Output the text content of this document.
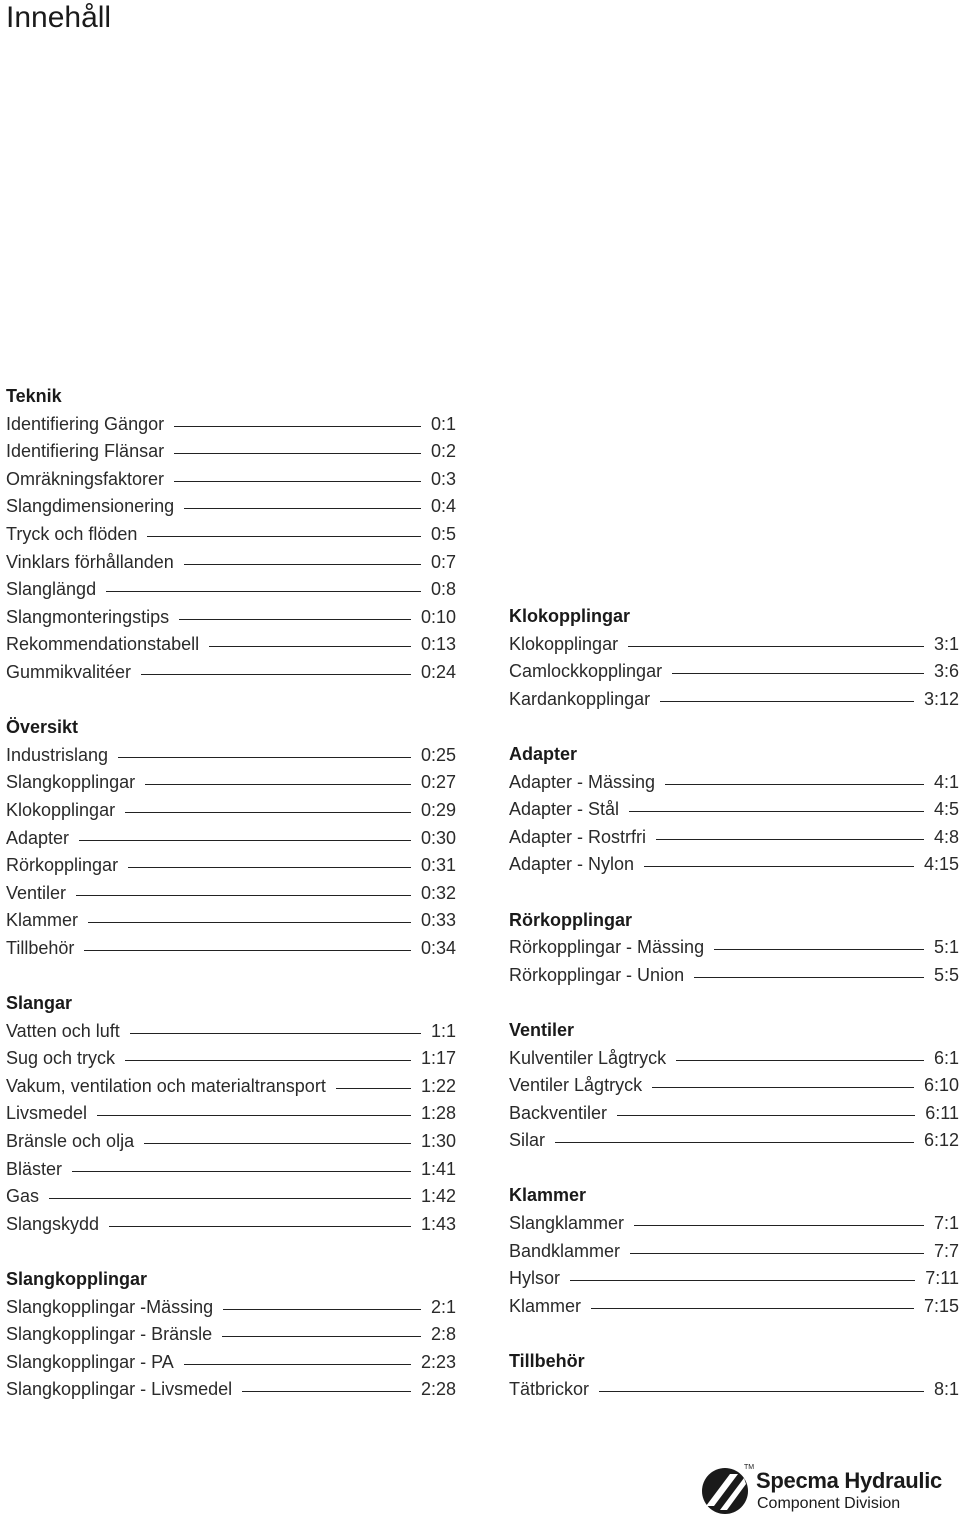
Innehåll
Teknik
Identifiering Gängor	0:1
Identifiering Flänsar	0:2
Omräkningsfaktorer	0:3
Slangdimensionering	0:4
Tryck och flöden	0:5
Vinklars förhållanden	0:7
Slanglängd	0:8
Slangmonteringstips	0:10
Rekommendationstabell	0:13
Gummikvalitéer	0:24
Översikt
Industrislang	0:25
Slangkopplingar	0:27
Klokopplingar	0:29
Adapter	0:30
Rörkopplingar	0:31
Ventiler	0:32
Klammer	0:33
Tillbehör	0:34
Slangar
Vatten och luft	1:1
Sug och tryck	1:17
Vakum, ventilation och materialtransport	1:22
Livsmedel	1:28
Bränsle och olja	1:30
Bläster	1:41
Gas	1:42
Slangskydd	1:43
Slangkopplingar
Slangkopplingar -Mässing	2:1
Slangkopplingar - Bränsle	2:8
Slangkopplingar - PA	2:23
Slangkopplingar - Livsmedel	2:28
Klokopplingar
Klokopplingar	3:1
Camlockkopplingar	3:6
Kardankopplingar	3:12
Adapter
Adapter - Mässing	4:1
Adapter - Stål	4:5
Adapter - Rostrfri	4:8
Adapter - Nylon	4:15
Rörkopplingar
Rörkopplingar - Mässing	5:1
Rörkopplingar - Union	5:5
Ventiler
Kulventiler Lågtryck	6:1
Ventiler Lågtryck	6:10
Backventiler	6:11
Silar	6:12
Klammer
Slangklammer	7:1
Bandklammer	7:7
Hylsor	7:11
Klammer	7:15
Tillbehör
Tätbrickor	8:1
TM
Specma Hydraulic
Component Division
